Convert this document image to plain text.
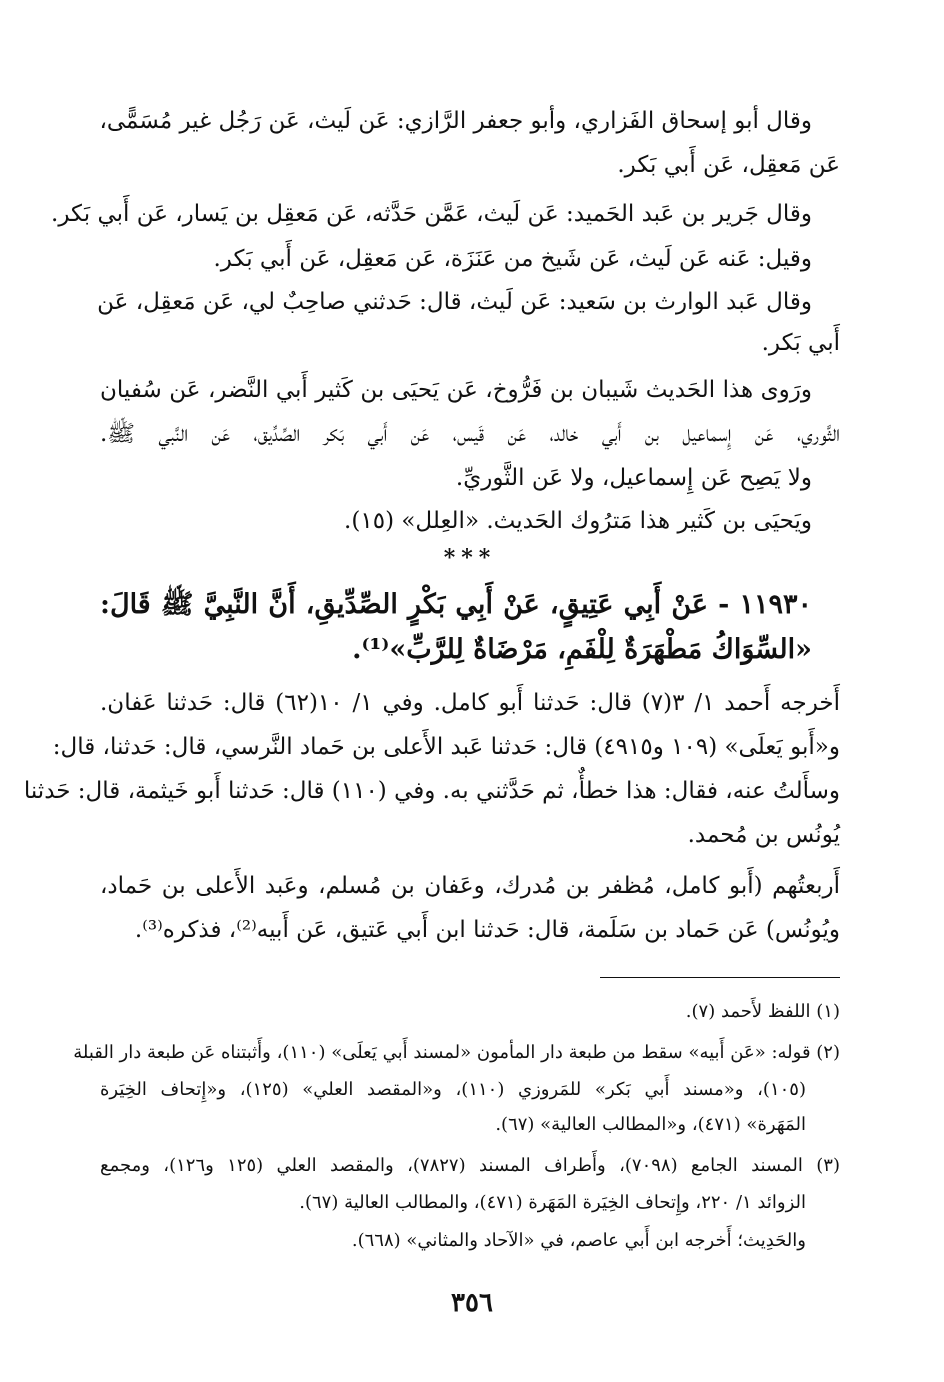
وقال أبو إسحاق الفَزاري، وأبو جعفر الرَّازي: عَن لَيث، عَن رَجُل غير مُسَمًّى،
عَن مَعقِل، عَن أَبي بَكر.
وقال جَرير بن عَبد الحَميد: عَن لَيث، عَمَّن حَدَّثه، عَن مَعقِل بن يَسار، عَن أَبي بَكر.
وقيل: عَنه عَن لَيث، عَن شَيخ من عَنَزَة، عَن مَعقِل، عَن أَبي بَكر.
وقال عَبد الوارث بن سَعيد: عَن لَيث، قال: حَدثني صاحِبٌ لي، عَن مَعقِل، عَن
أَبي بَكر.
ورَوى هذا الحَديث شَيبان بن فَرُّوخ، عَن يَحيَى بن كَثير أَبي النَّضر، عَن سُفيان
الثَّوري، عَن إِسماعيل بن أَبي خالد، عَن قَيس، عَن أَبي بَكر الصِّدِّيق، عَن النَّبي ﷺ.
ولا يَصِح عَن إِسماعيل، ولا عَن الثَّوريِّ.
ويَحيَى بن كَثير هذا مَترُوك الحَديث. «العِلل» (١٥).
***
١١٩٣٠ - عَنْ أَبِي عَتِيقٍ، عَنْ أَبِي بَكْرٍ الصِّدِّيقِ، أَنَّ النَّبِيَّ ﷺ قَالَ:
«السِّوَاكُ مَطْهَرَةٌ لِلْفَمِ، مَرْضَاةٌ لِلرَّبِّ»⁽¹⁾.
أَخرجه أَحمد ١/ ٣(٧) قال: حَدثنا أَبو كامل. وفي ١/ ١٠(٦٢) قال: حَدثنا عَفان.
و«أَبو يَعلَى» (١٠٩ و٤٩١٥) قال: حَدثنا عَبد الأَعلى بن حَماد النَّرسي، قال: حَدثنا، قال:
وسأَلتُ عنه، فقال: هذا خطأٌ، ثم حَدَّثني به. وفي (١١٠) قال: حَدثنا أَبو خَيثمة، قال: حَدثنا
يُونُس بن مُحمد.
أَربعتُهم (أَبو كامل، مُظفر بن مُدرك، وعَفان بن مُسلم، وعَبد الأَعلى بن حَماد،
ويُونُس) عَن حَماد بن سَلَمة، قال: حَدثنا ابن أَبي عَتيق، عَن أَبيه⁽²⁾، فذكره⁽³⁾.
(١) اللفظ لأَحمد (٧).
(٢) قوله: «عَن أَبيه» سقط من طبعة دار المأمون «لمسند أَبي يَعلَى» (١١٠)، وأَثبتناه عَن طبعة دار القبلة
(١٠٥)، و«مسند أَبي بَكر» للمَروزي (١١٠)، و«المقصد العلي» (١٢٥)، و«إِتحاف الخِيَرة
المَهَرة» (٤٧١)، و«المطالب العالية» (٦٧).
(٣) المسند الجامع (٧٠٩٨)، وأَطراف المسند (٧٨٢٧)، والمقصد العلي (١٢٥ و١٢٦)، ومجمع
الزوائد ١/ ٢٢٠، وإِتحاف الخِيَرة المَهَرة (٤٧١)، والمطالب العالية (٦٧).
والحَدِيث؛ أَخرجه ابن أَبي عاصم، في «الآحاد والمثاني» (٦٦٨).
٣٥٦
